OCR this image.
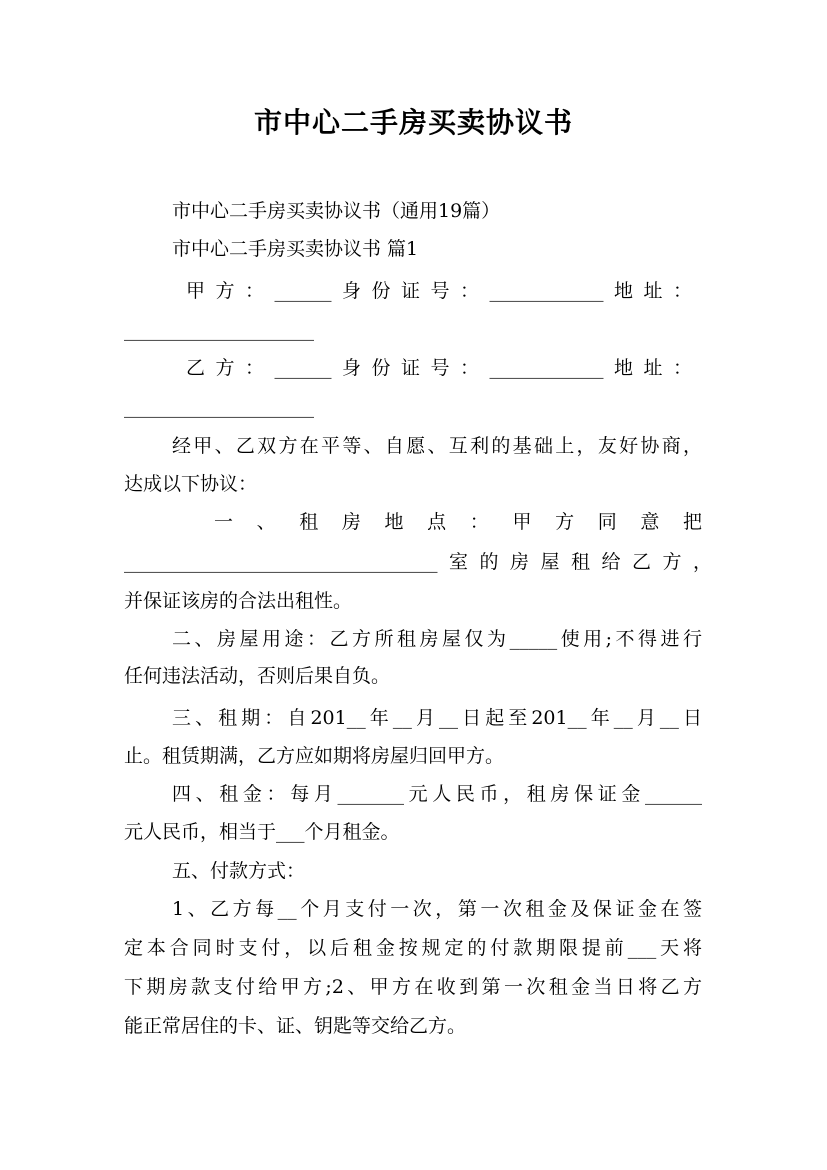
市中心二手房买卖协议书
市中心二手房买卖协议书（通用19篇）
市中心二手房买卖协议书 篇1
甲方：______身份证号：____________地址：
____________________
乙方：______身份证号：____________地址：
____________________
经甲、乙双方在平等、自愿、互利的基础上，友好协商，
达成以下协议：
一、租房地点：甲方同意把
_________________________________室的房屋租给乙方，
并保证该房的合法出租性。
二、房屋用途：乙方所租房屋仅为_____使用;不得进行
任何违法活动，否则后果自负。
三、租期：自201__年__月__日起至201__年__月__日
止。租赁期满，乙方应如期将房屋归回甲方。
四、租金：每月_______元人民币，租房保证金______
元人民币，相当于___个月租金。
五、付款方式：
1、乙方每__个月支付一次，第一次租金及保证金在签
定本合同时支付，以后租金按规定的付款期限提前___天将
下期房款支付给甲方;2、甲方在收到第一次租金当日将乙方
能正常居住的卡、证、钥匙等交给乙方。
